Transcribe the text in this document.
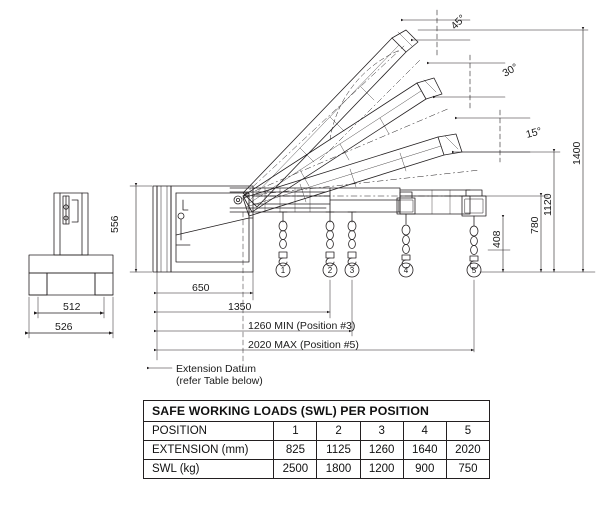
1	2 3	4	5
512
526
556
650
1350
1260 MIN (Position #3)
2020 MAX (Position #5)
Extension Datum
(refer Table below)
45°
30°
15°
408
780
1120
1400
SAFE WORKING LOADS (SWL) PER POSITION					
POSITION	1	2	3	4	5
EXTENSION (mm)	825	1125	1260	1640	2020
SWL (kg)	2500	1800	1200	900	750
